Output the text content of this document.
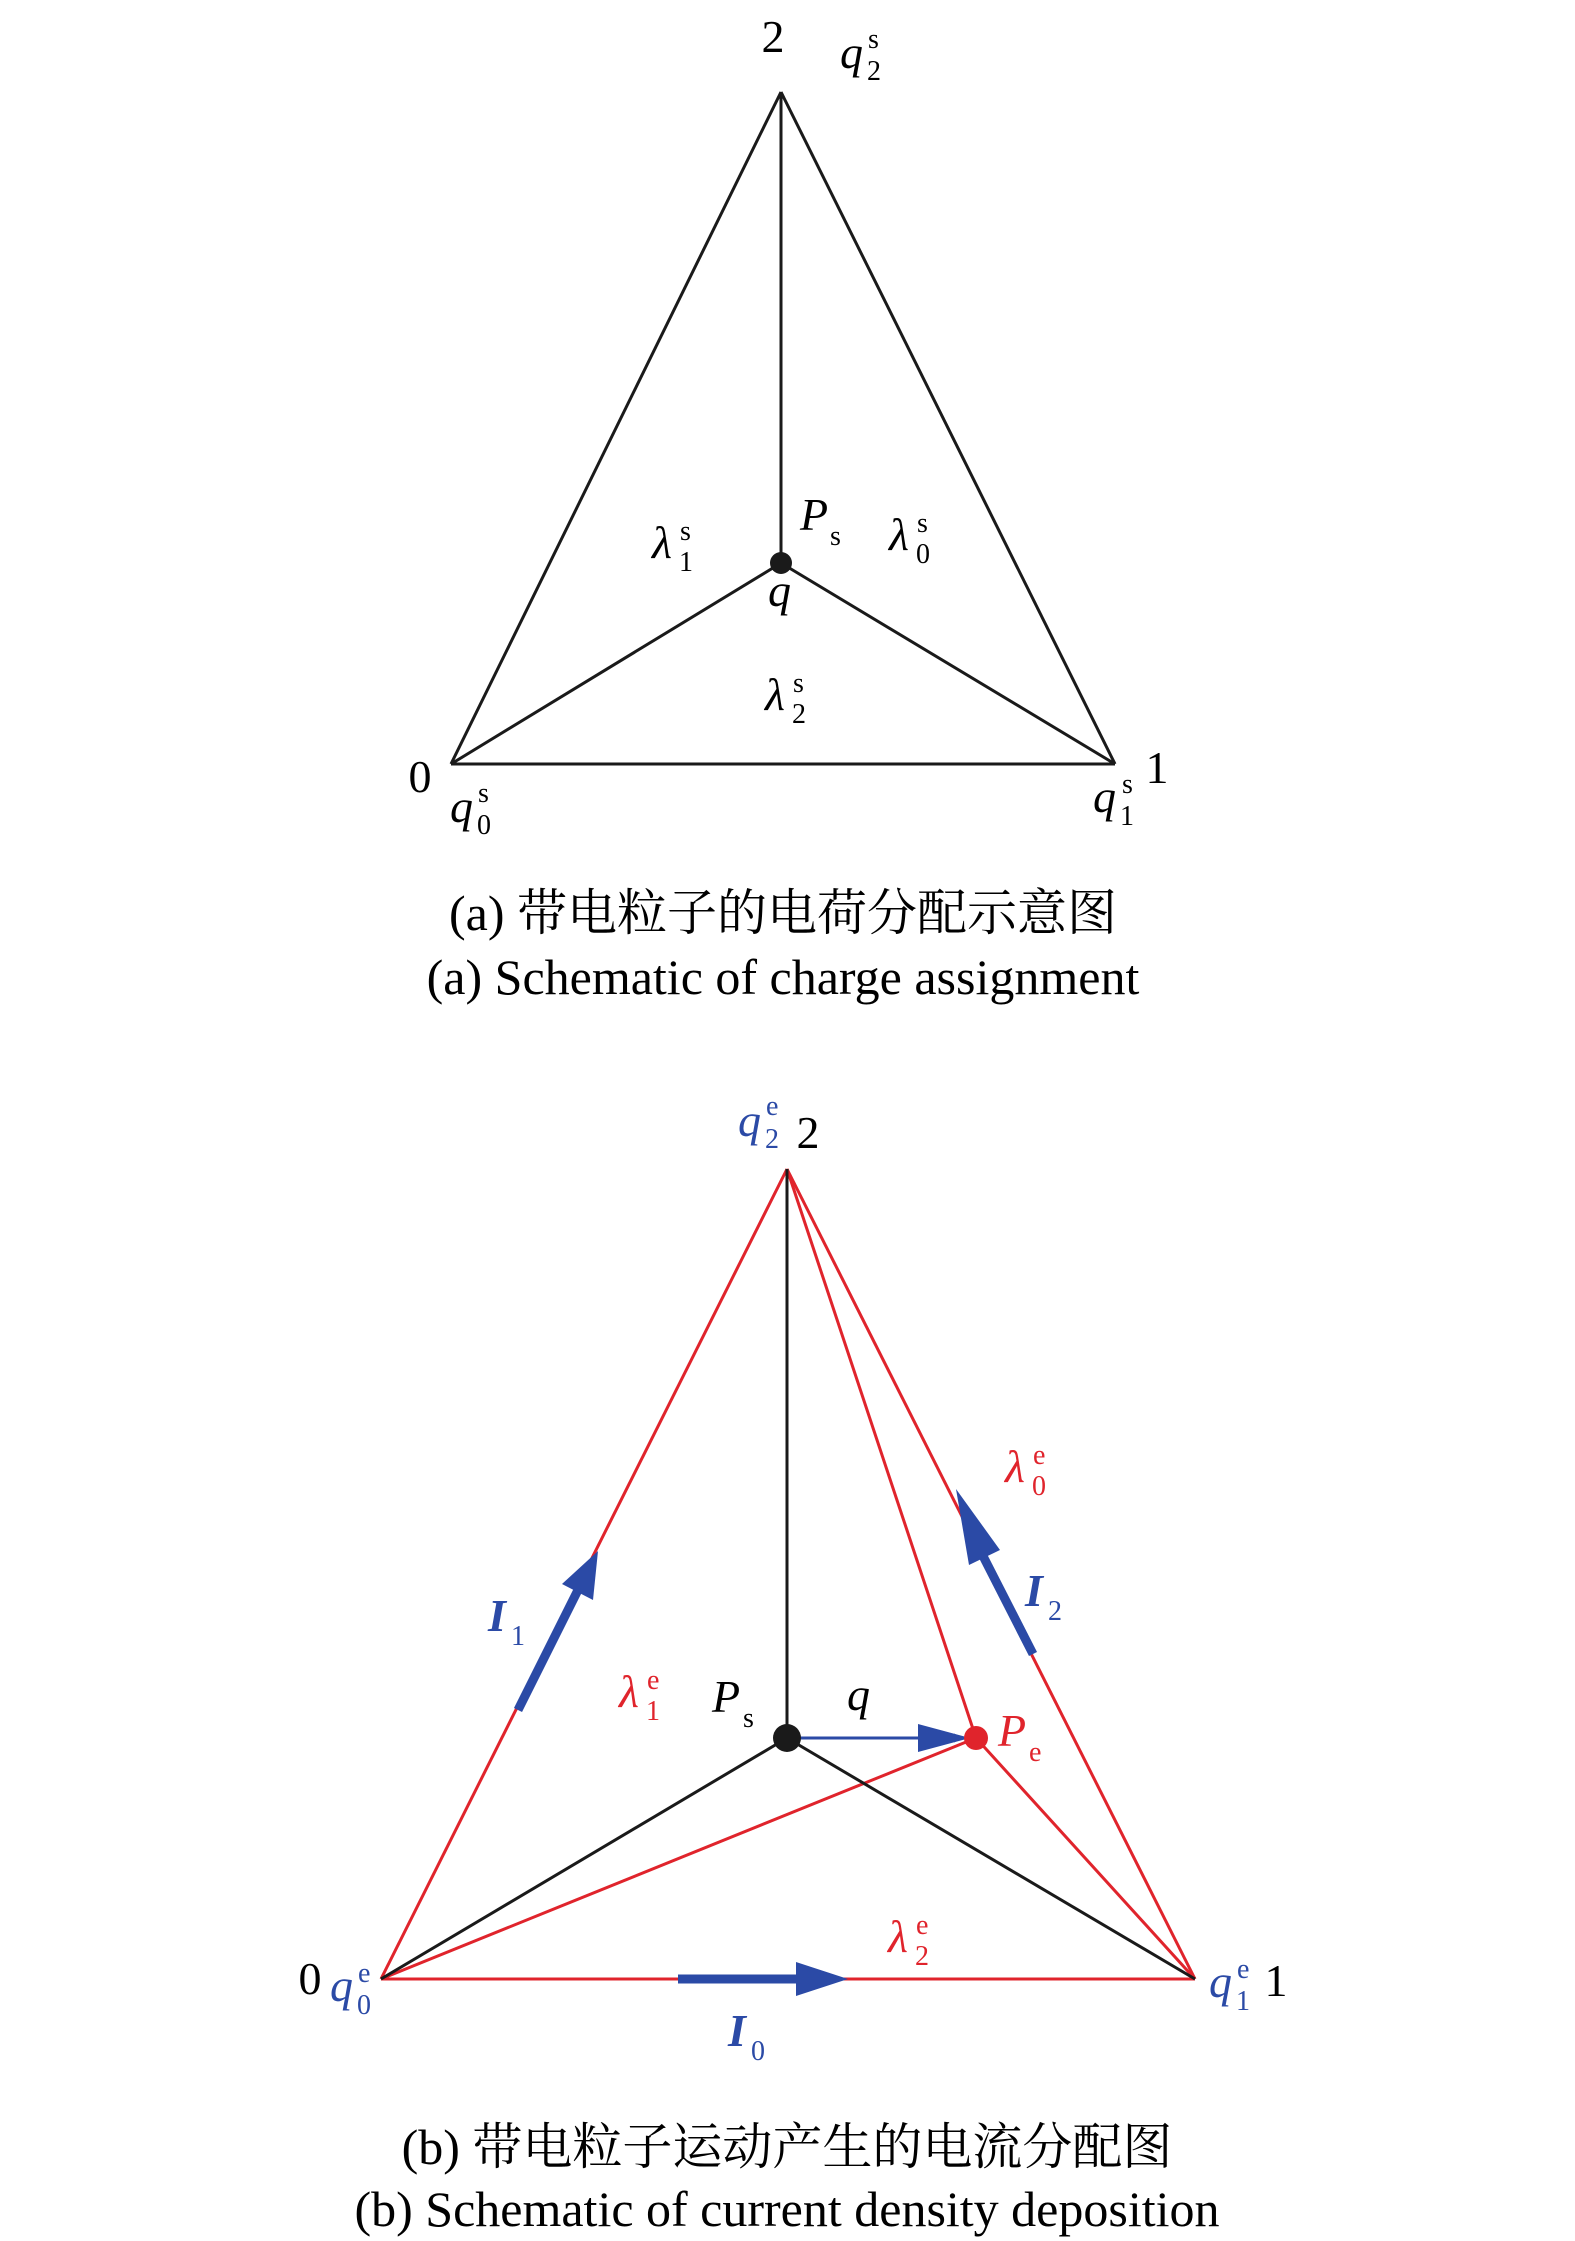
2
0	1
q s
2
q s
0
q s
1
λ s
1
λ s
0
λ s
2
P s
q
(a) 带电粒子的电荷分配示意图
(a) Schematic of charge assignment
2
0	1
q e
2
q e
0	q e
1
λ e
0
λ e
1
λ e
2
I 0
I 1
I 2
P s	P e
q
(b) 带电粒子运动产生的电流分配图
(b) Schematic of current density deposition
